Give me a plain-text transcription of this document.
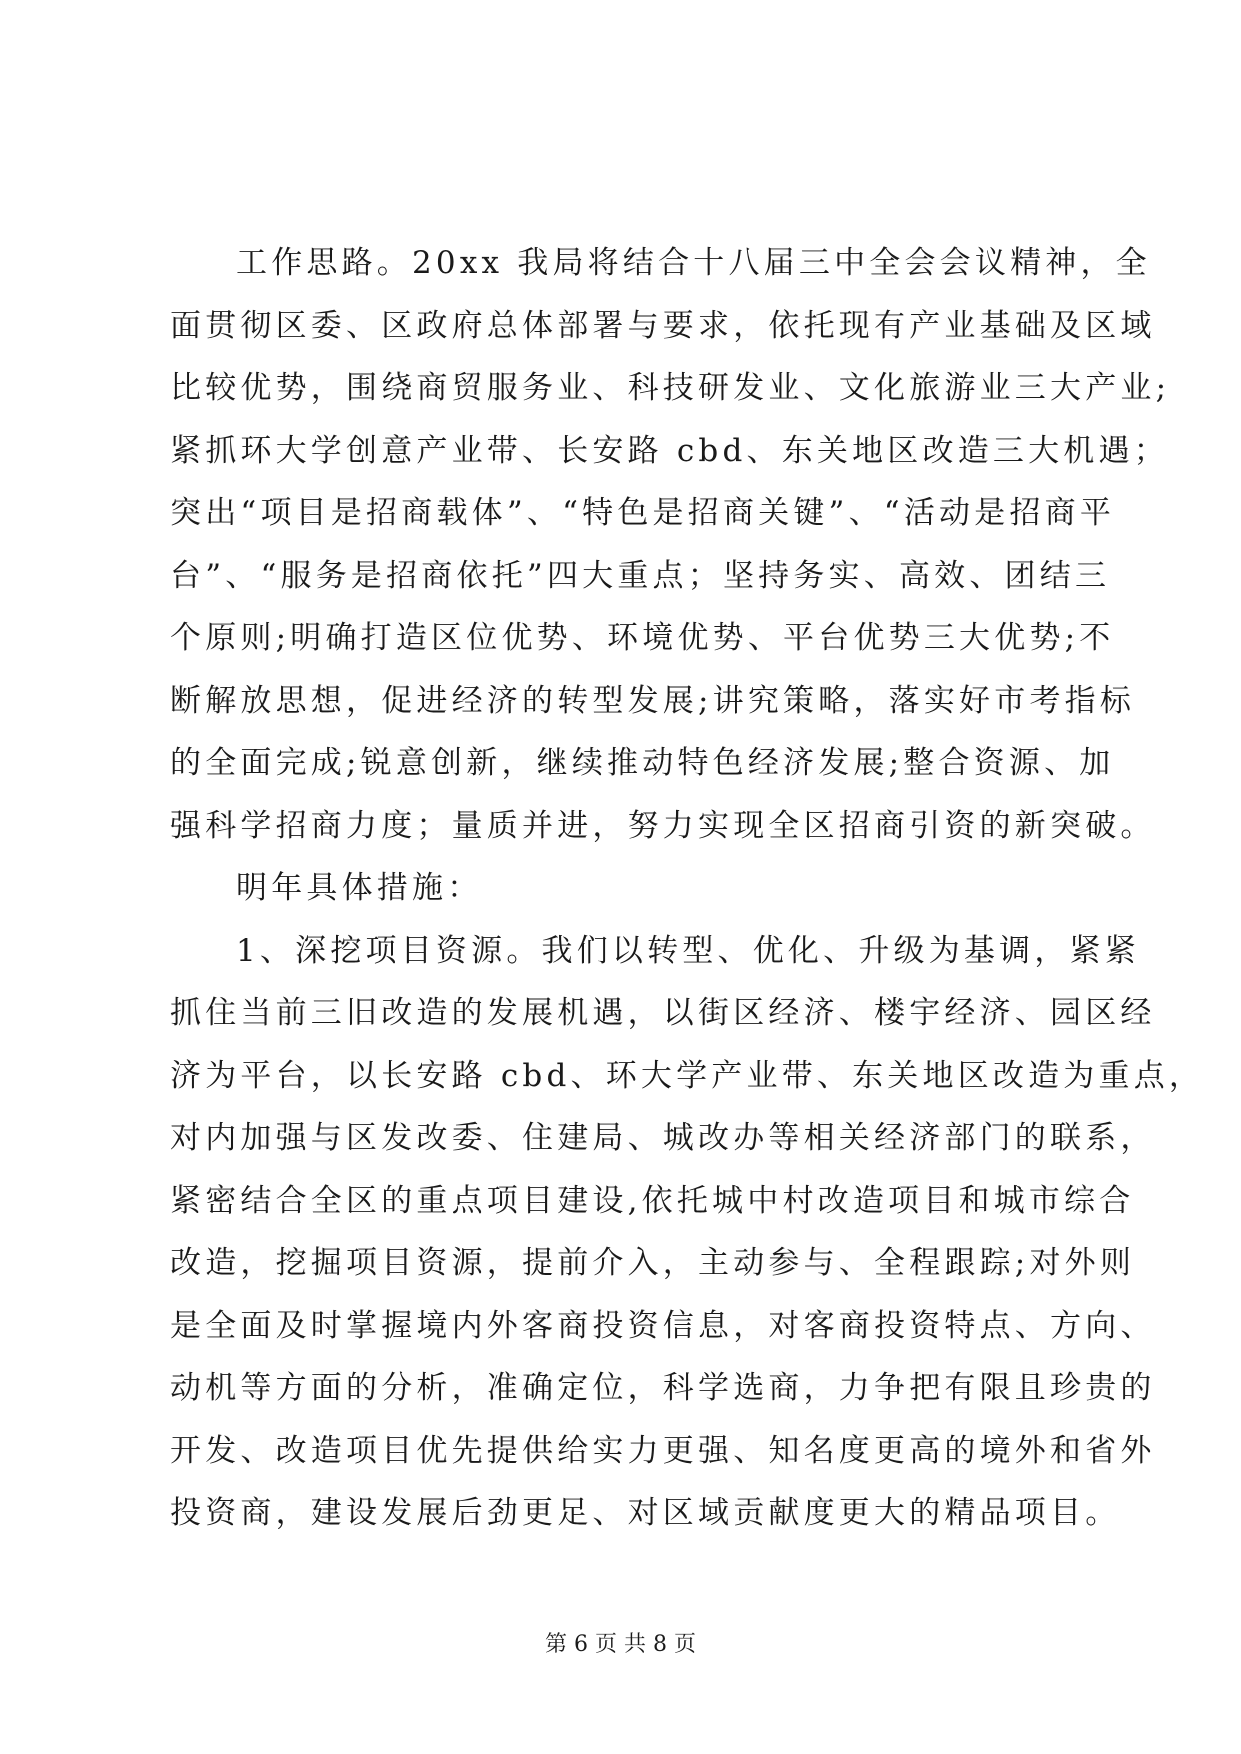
工作思路。20xx 我局将结合十八届三中全会会议精神，全
面贯彻区委、区政府总体部署与要求，依托现有产业基础及区域
比较优势，围绕商贸服务业、科技研发业、文化旅游业三大产业;
紧抓环大学创意产业带、长安路 cbd、东关地区改造三大机遇；
突出“项目是招商载体”、“特色是招商关键”、“活动是招商平
台”、“服务是招商依托”四大重点；坚持务实、高效、团结三
个原则;明确打造区位优势、环境优势、平台优势三大优势;不
断解放思想，促进经济的转型发展;讲究策略，落实好市考指标
的全面完成;锐意创新，继续推动特色经济发展;整合资源、加
强科学招商力度；量质并进，努力实现全区招商引资的新突破。
明年具体措施：
1、深挖项目资源。我们以转型、优化、升级为基调，紧紧
抓住当前三旧改造的发展机遇，以街区经济、楼宇经济、园区经
济为平台，以长安路 cbd、环大学产业带、东关地区改造为重点，
对内加强与区发改委、住建局、城改办等相关经济部门的联系，
紧密结合全区的重点项目建设,依托城中村改造项目和城市综合
改造，挖掘项目资源，提前介入，主动参与、全程跟踪;对外则
是全面及时掌握境内外客商投资信息，对客商投资特点、方向、
动机等方面的分析，准确定位，科学选商，力争把有限且珍贵的
开发、改造项目优先提供给实力更强、知名度更高的境外和省外
投资商，建设发展后劲更足、对区域贡献度更大的精品项目。
第 6 页 共 8 页
